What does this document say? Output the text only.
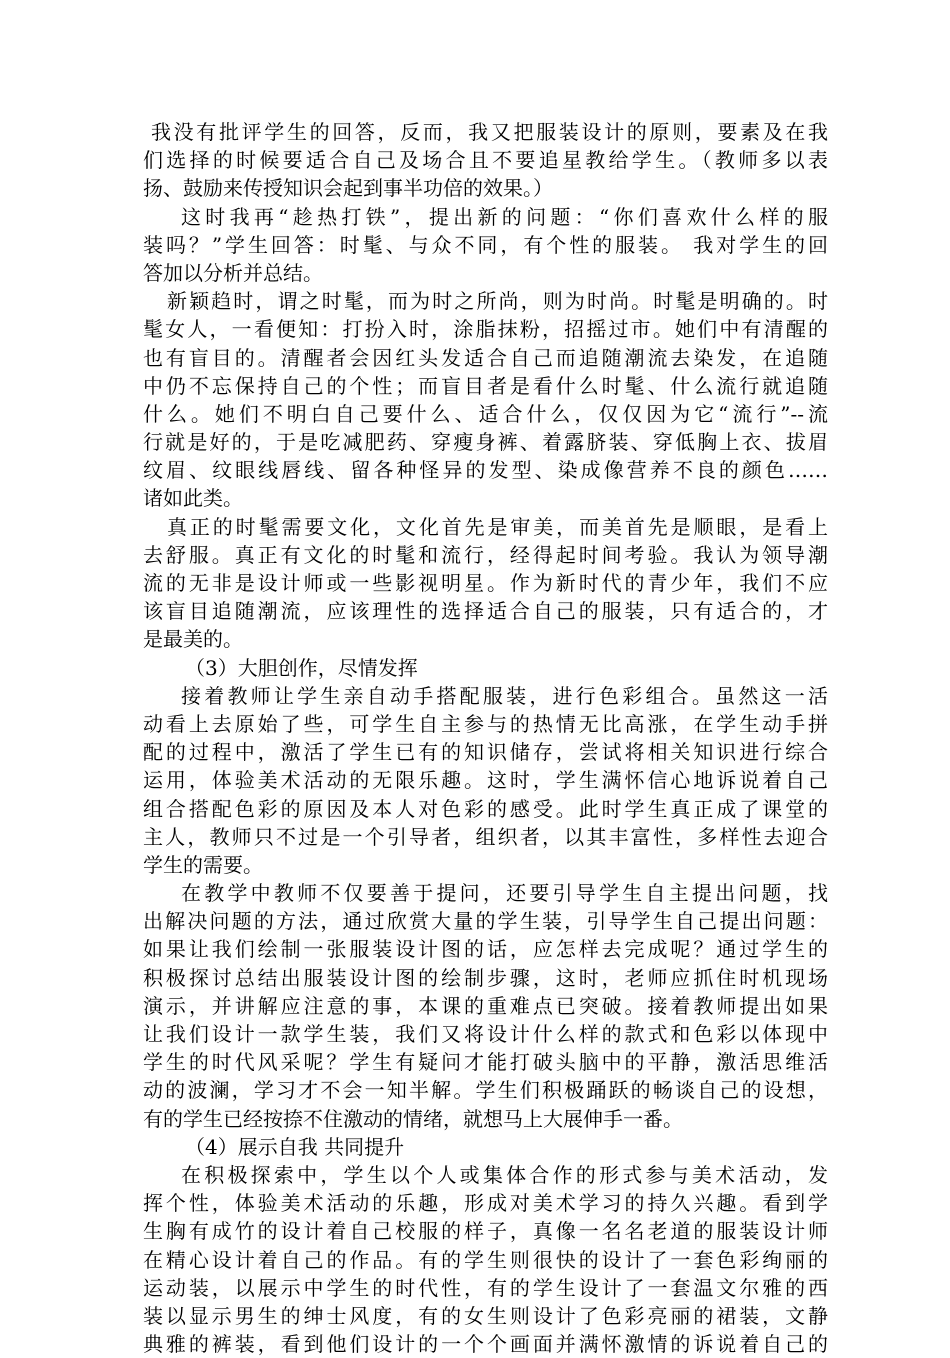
我没有批评学生的回答，反而，我又把服装设计的原则，要素及在我
们选择的时候要适合自己及场合且不要追星教给学生。（教师多以表
扬、鼓励来传授知识会起到事半功倍的效果。）
这时我再“趁热打铁”，提出新的问题：“你们喜欢什么样的服
装吗？”学生回答：时髦、与众不同，有个性的服装。 我对学生的回
答加以分析并总结。
新颖趋时，谓之时髦，而为时之所尚，则为时尚。时髦是明确的。时
髦女人，一看便知：打扮入时，涂脂抹粉，招摇过市。她们中有清醒的
也有盲目的。清醒者会因红头发适合自己而追随潮流去染发，在追随
中仍不忘保持自己的个性；而盲目者是看什么时髦、什么流行就追随
什么。她们不明白自己要什么、适合什么，仅仅因为它“流行”--流
行就是好的，于是吃减肥药、穿瘦身裤、着露脐装、穿低胸上衣、拔眉
纹眉、纹眼线唇线、留各种怪异的发型、染成像营养不良的颜色……
诸如此类。
真正的时髦需要文化，文化首先是审美，而美首先是顺眼，是看上
去舒服。真正有文化的时髦和流行，经得起时间考验。我认为领导潮
流的无非是设计师或一些影视明星。作为新时代的青少年，我们不应
该盲目追随潮流，应该理性的选择适合自己的服装，只有适合的，才
是最美的。
（3）大胆创作，尽情发挥
接着教师让学生亲自动手搭配服装，进行色彩组合。虽然这一活
动看上去原始了些，可学生自主参与的热情无比高涨，在学生动手拼
配的过程中，激活了学生已有的知识储存，尝试将相关知识进行综合
运用，体验美术活动的无限乐趣。这时，学生满怀信心地诉说着自己
组合搭配色彩的原因及本人对色彩的感受。此时学生真正成了课堂的
主人，教师只不过是一个引导者，组织者，以其丰富性，多样性去迎合
学生的需要。
在教学中教师不仅要善于提问，还要引导学生自主提出问题，找
出解决问题的方法，通过欣赏大量的学生装，引导学生自己提出问题：
如果让我们绘制一张服装设计图的话，应怎样去完成呢？通过学生的
积极探讨总结出服装设计图的绘制步骤，这时，老师应抓住时机现场
演示，并讲解应注意的事，本课的重难点已突破。接着教师提出如果
让我们设计一款学生装，我们又将设计什么样的款式和色彩以体现中
学生的时代风采呢？学生有疑问才能打破头脑中的平静，激活思维活
动的波澜，学习才不会一知半解。学生们积极踊跃的畅谈自己的设想，
有的学生已经按捺不住激动的情绪，就想马上大展伸手一番。
（4）展示自我 共同提升
在积极探索中，学生以个人或集体合作的形式参与美术活动，发
挥个性，体验美术活动的乐趣，形成对美术学习的持久兴趣。看到学
生胸有成竹的设计着自己校服的样子，真像一名名老道的服装设计师
在精心设计着自己的作品。有的学生则很快的设计了一套色彩绚丽的
运动装，以展示中学生的时代性，有的学生设计了一套温文尔雅的西
装以显示男生的绅士风度，有的女生则设计了色彩亮丽的裙装，文静
典雅的裤装，看到他们设计的一个个画面并满怀激情的诉说着自己的
